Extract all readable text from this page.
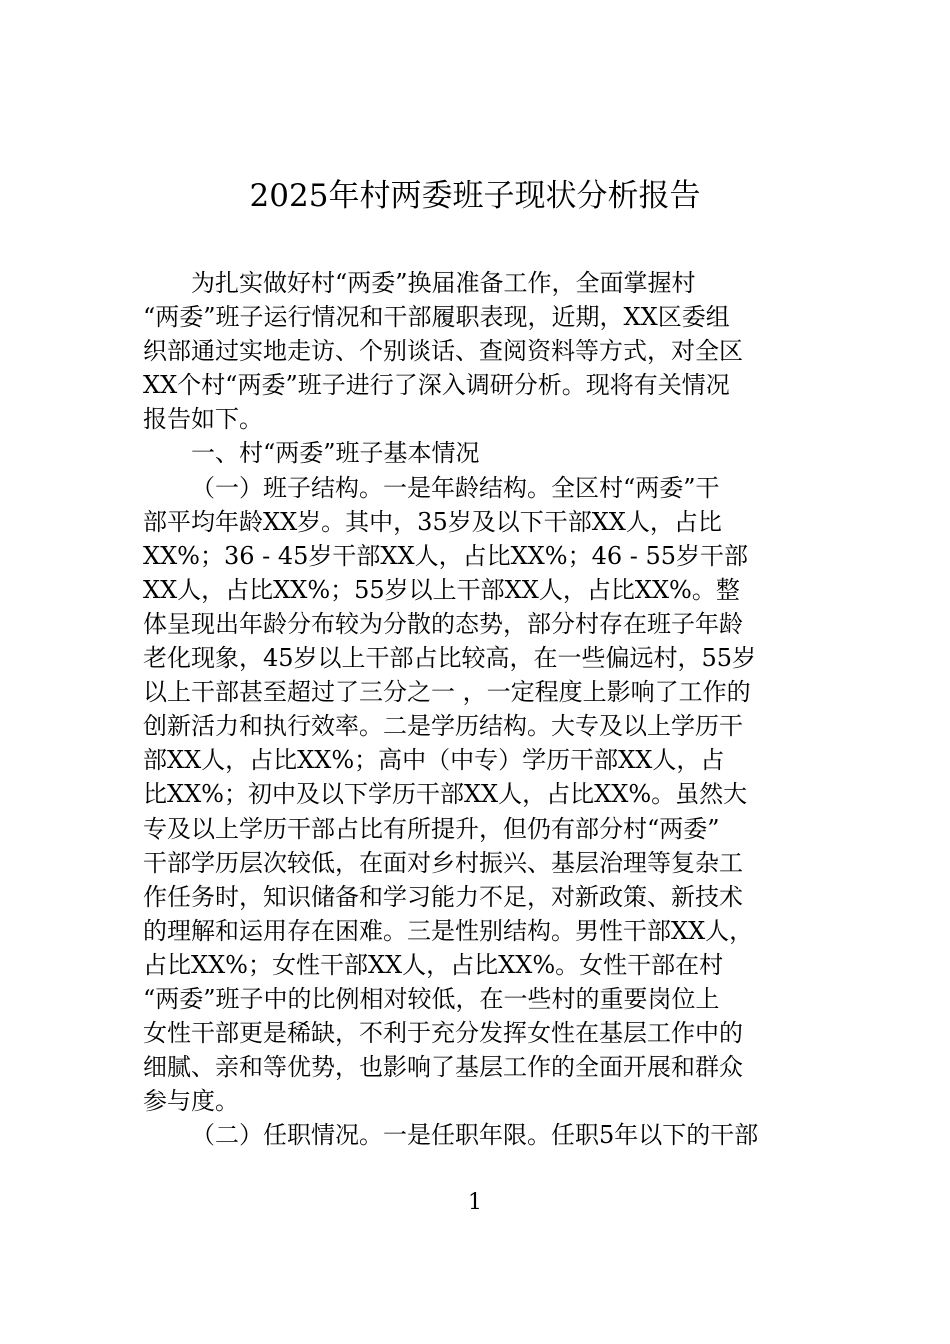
2025年村两委班子现状分析报告

为扎实做好村“两委”换届准备工作，全面掌握村
“两委”班子运行情况和干部履职表现，近期，XX区委组
织部通过实地走访、个别谈话、查阅资料等方式，对全区
XX个村“两委”班子进行了深入调研分析。现将有关情况
报告如下。

一、村“两委”班子基本情况

（一）班子结构。一是年龄结构。全区村“两委”干
部平均年龄XX岁。其中，35岁及以下干部XX人，占比
XX%；36 - 45岁干部XX人，占比XX%；46 - 55岁干部
XX人，占比XX%；55岁以上干部XX人，占比XX%。整
体呈现出年龄分布较为分散的态势，部分村存在班子年龄
老化现象，45岁以上干部占比较高，在一些偏远村，55岁
以上干部甚至超过了三分之一 ，一定程度上影响了工作的
创新活力和执行效率。二是学历结构。大专及以上学历干
部XX人，占比XX%；高中（中专）学历干部XX人，占
比XX%；初中及以下学历干部XX人，占比XX%。虽然大
专及以上学历干部占比有所提升，但仍有部分村“两委”
干部学历层次较低，在面对乡村振兴、基层治理等复杂工
作任务时，知识储备和学习能力不足，对新政策、新技术
的理解和运用存在困难。三是性别结构。男性干部XX人，
占比XX%；女性干部XX人，占比XX%。女性干部在村
“两委”班子中的比例相对较低，在一些村的重要岗位上
女性干部更是稀缺，不利于充分发挥女性在基层工作中的
细腻、亲和等优势，也影响了基层工作的全面开展和群众
参与度。

（二）任职情况。一是任职年限。任职5年以下的干部

1
